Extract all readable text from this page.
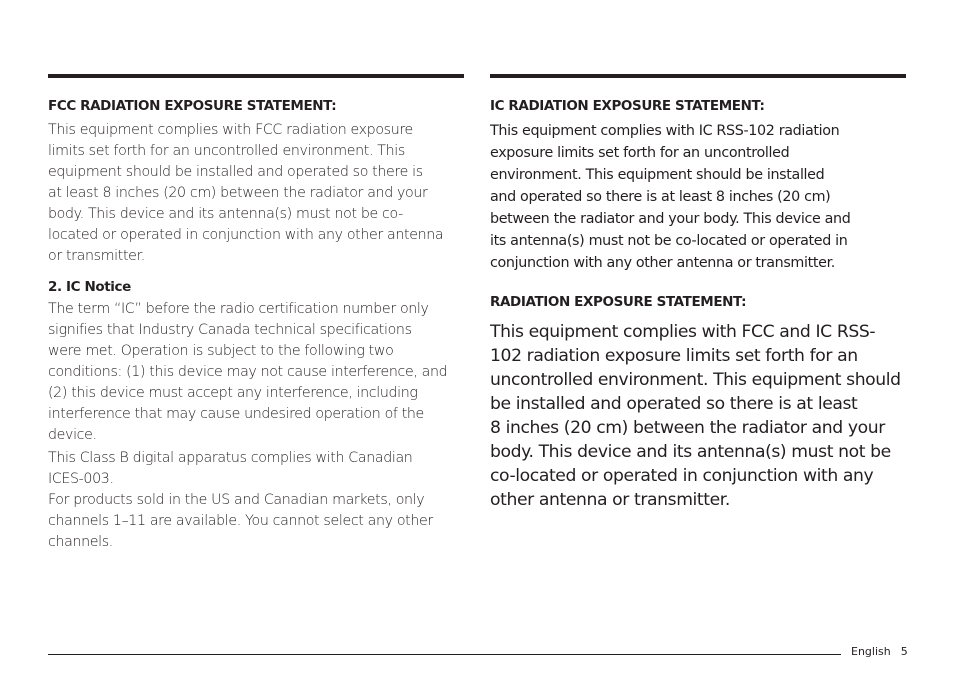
FCC RADIATION EXPOSURE STATEMENT:
This equipment complies with FCC radiation exposure
limits set forth for an uncontrolled environment. This
equipment should be installed and operated so there is
at least 8 inches (20 cm) between the radiator and your
body. This device and its antenna(s) must not be co-
located or operated in conjunction with any other antenna
or transmitter.
2. IC Notice
The term “IC” before the radio certification number only
signifies that Industry Canada technical specifications
were met. Operation is subject to the following two
conditions: (1) this device may not cause interference, and
(2) this device must accept any interference, including
interference that may cause undesired operation of the
device.
This Class B digital apparatus complies with Canadian
ICES-003.
For products sold in the US and Canadian markets, only
channels 1–11 are available. You cannot select any other
channels.
IC RADIATION EXPOSURE STATEMENT:
This equipment complies with IC RSS-102 radiation
exposure limits set forth for an uncontrolled
environment. This equipment should be installed
and operated so there is at least 8 inches (20 cm)
between the radiator and your body. This device and
its antenna(s) must not be co-located or operated in
conjunction with any other antenna or transmitter.
RADIATION EXPOSURE STATEMENT:
This equipment complies with FCC and IC RSS-
102 radiation exposure limits set forth for an
uncontrolled environment. This equipment should
be installed and operated so there is at least
8 inches (20 cm) between the radiator and your
body. This device and its antenna(s) must not be
co-located or operated in conjunction with any
other antenna or transmitter.
English 5
